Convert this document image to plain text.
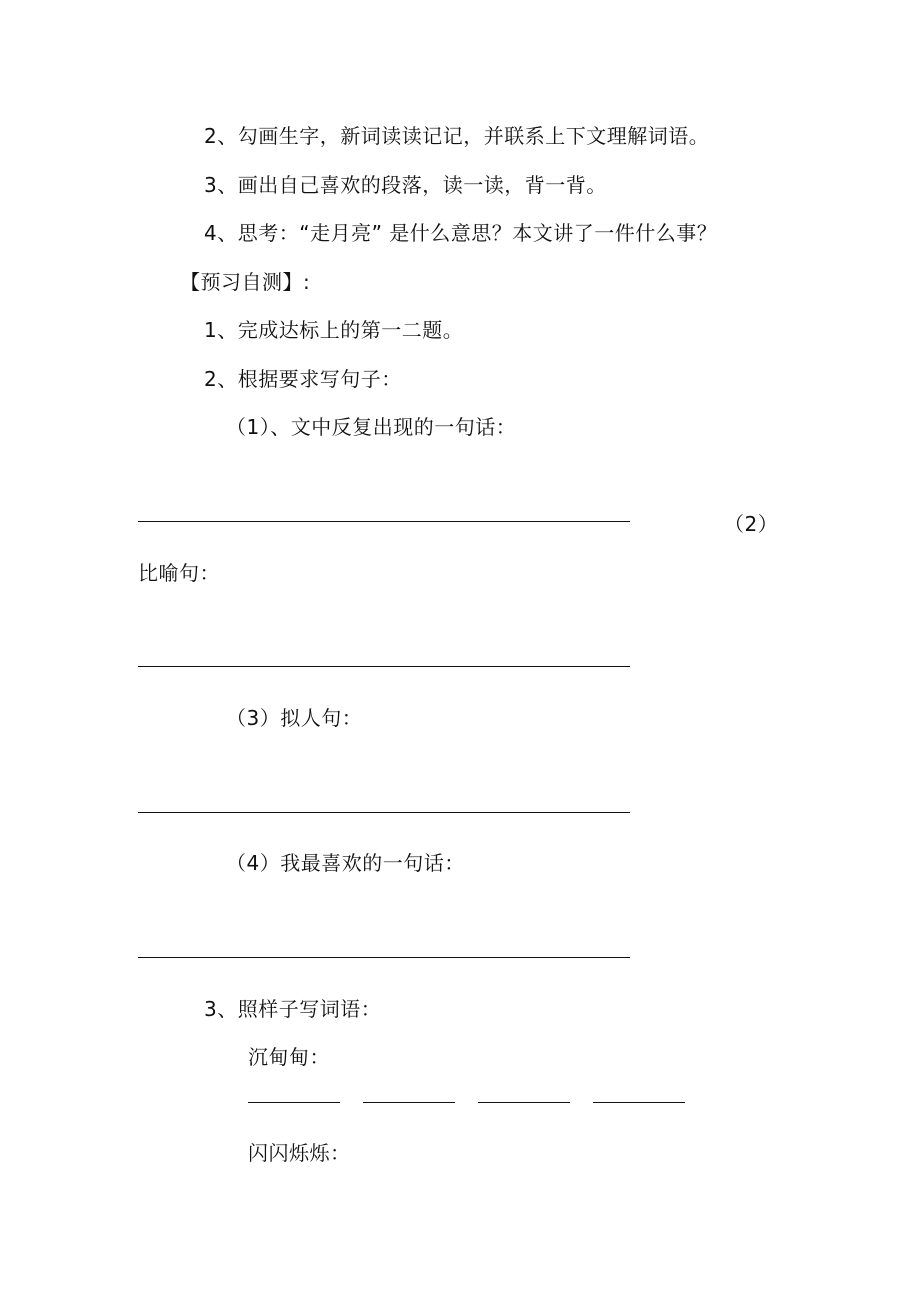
2、勾画生字，新词读读记记，并联系上下文理解词语。
3、画出自己喜欢的段落，读一读，背一背。
4、思考：“走月亮” 是什么意思？本文讲了一件什么事？
【预习自测】:
1、完成达标上的第一二题。
2、根据要求写句子：
（1）、文中反复出现的一句话：
（2）
比喻句：
（3）拟人句：
（4）我最喜欢的一句话：
3、照样子写词语：
沉甸甸：
闪闪烁烁：
